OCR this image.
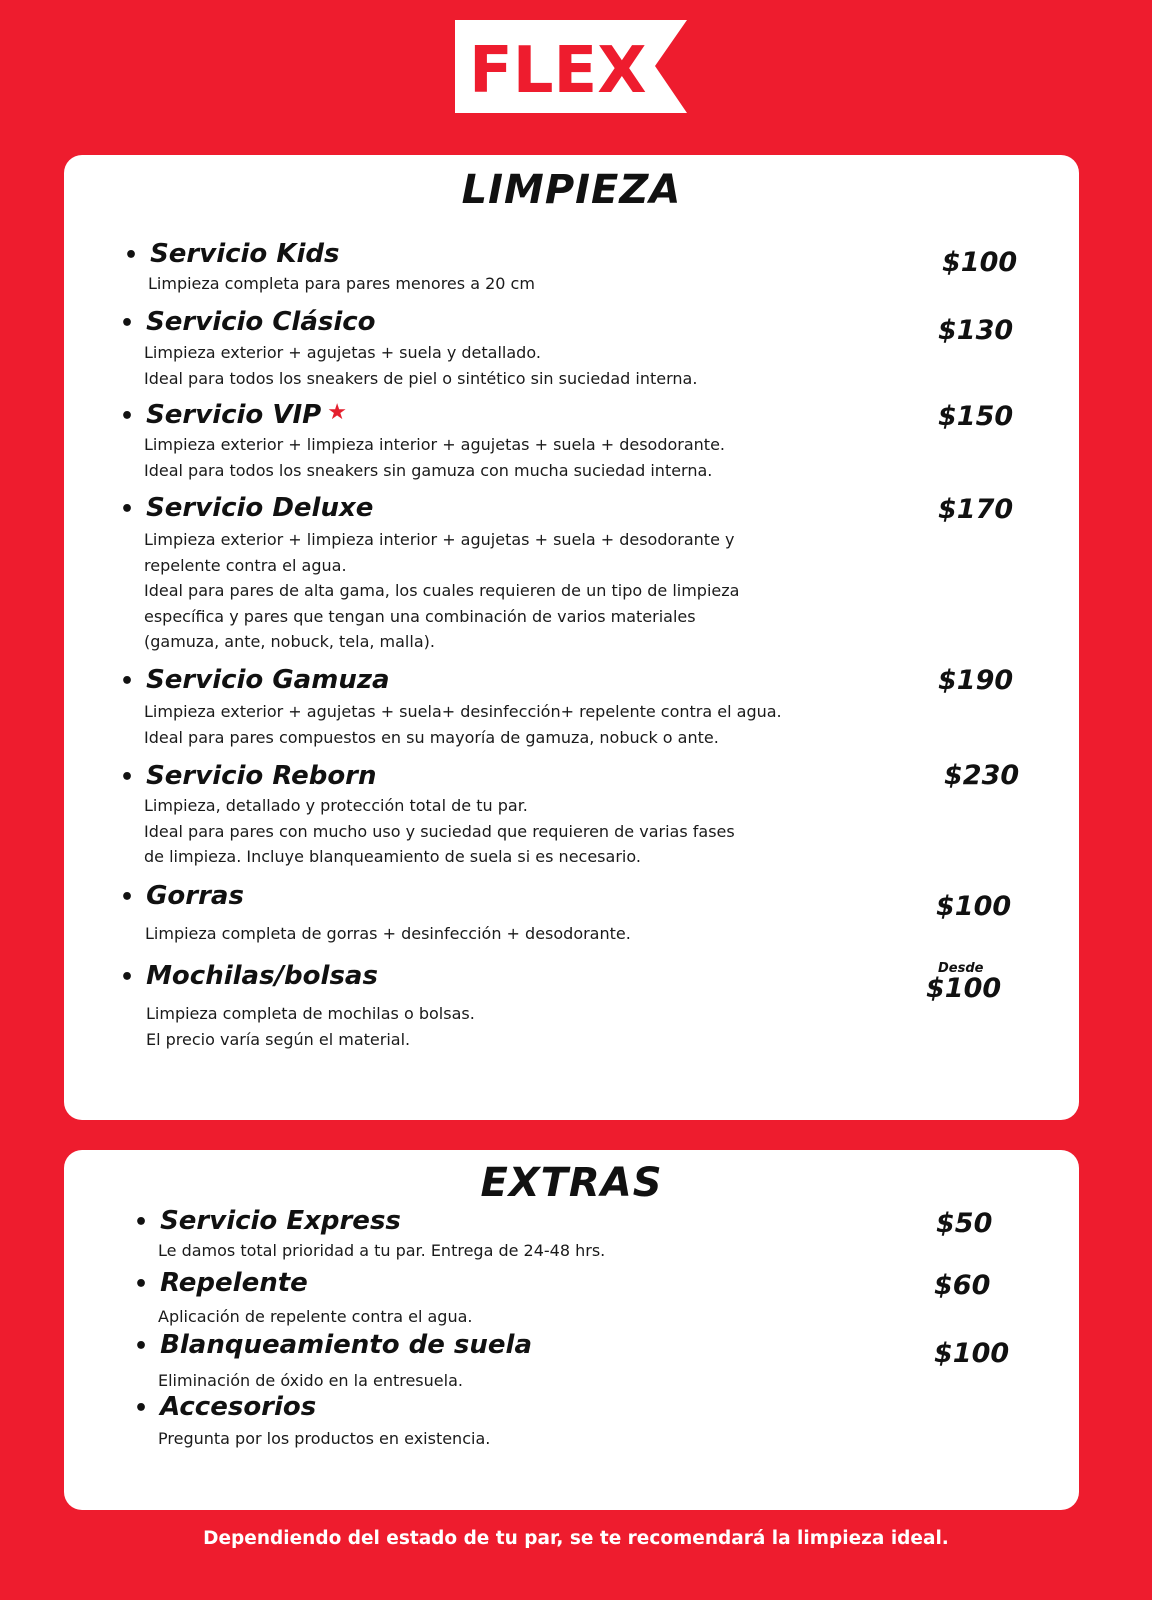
FLEX
LIMPIEZA
• Servicio Kids
Limpieza completa para pares menores a 20 cm
$100
• Servicio Clásico
Limpieza exterior + agujetas + suela y detallado.
Ideal para todos los sneakers de piel o sintético sin suciedad interna.
$130
• Servicio VIP ★
Limpieza exterior + limpieza interior + agujetas + suela + desodorante.
Ideal para todos los sneakers sin gamuza con mucha suciedad interna.
$150
• Servicio Deluxe
Limpieza exterior + limpieza interior + agujetas + suela + desodorante y
repelente contra el agua.
Ideal para pares de alta gama, los cuales requieren de un tipo de limpieza
específica y pares que tengan una combinación de varios materiales
(gamuza, ante, nobuck, tela, malla).
$170
• Servicio Gamuza
Limpieza exterior + agujetas + suela+ desinfección+ repelente contra el agua.
Ideal para pares compuestos en su mayoría de gamuza, nobuck o ante.
$190
• Servicio Reborn
Limpieza, detallado y protección total de tu par.
Ideal para pares con mucho uso y suciedad que requieren de varias fases
de limpieza. Incluye blanqueamiento de suela si es necesario.
$230
• Gorras
Limpieza completa de gorras + desinfección + desodorante.
$100
• Mochilas/bolsas
Limpieza completa de mochilas o bolsas.
El precio varía según el material.
Desde
$100
EXTRAS
• Servicio Express
Le damos total prioridad a tu par. Entrega de 24-48 hrs.
$50
• Repelente
Aplicación de repelente contra el agua.
$60
• Blanqueamiento de suela
Eliminación de óxido en la entresuela.
$100
• Accesorios
Pregunta por los productos en existencia.
Dependiendo del estado de tu par, se te recomendará la limpieza ideal.
